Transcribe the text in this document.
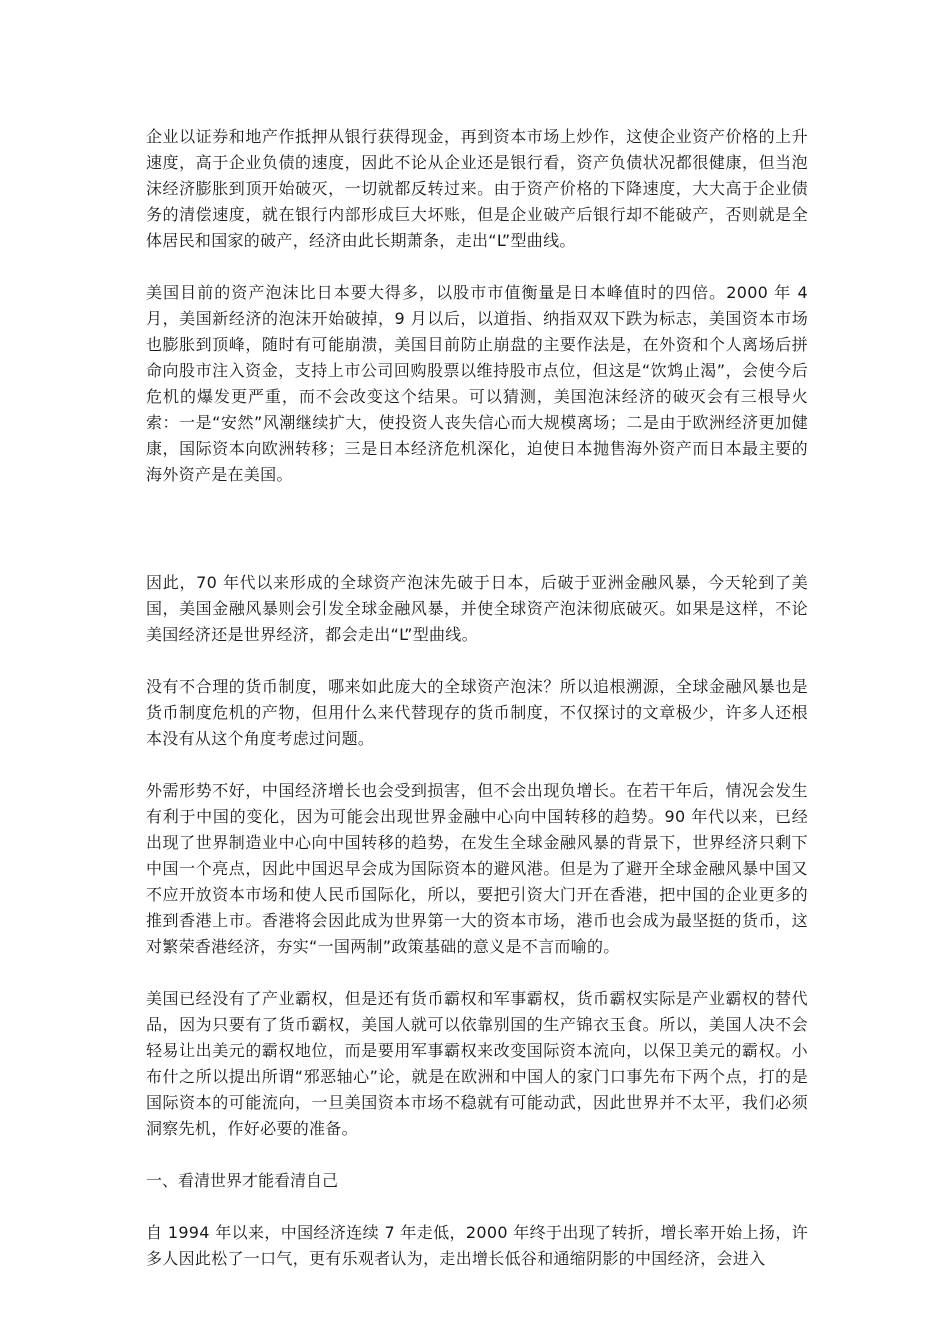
企业以证券和地产作抵押从银行获得现金，再到资本市场上炒作，这使企业资产价格的上升速度，高于企业负债的速度，因此不论从企业还是银行看，资产负债状况都很健康，但当泡沫经济膨胀到顶开始破灭，一切就都反转过来。由于资产价格的下降速度，大大高于企业债务的清偿速度，就在银行内部形成巨大坏账，但是企业破产后银行却不能破产，否则就是全体居民和国家的破产，经济由此长期萧条，走出“L”型曲线。

美国目前的资产泡沫比日本要大得多，以股市市值衡量是日本峰值时的四倍。2000 年 4 月，美国新经济的泡沫开始破掉，9 月以后，以道指、纳指双双下跌为标志，美国资本市场也膨胀到顶峰，随时有可能崩溃，美国目前防止崩盘的主要作法是，在外资和个人离场后拼命向股市注入资金，支持上市公司回购股票以维持股市点位，但这是“饮鸩止渴”，会使今后危机的爆发更严重，而不会改变这个结果。可以猜测，美国泡沫经济的破灭会有三根导火索：一是“安然”风潮继续扩大，使投资人丧失信心而大规模离场；二是由于欧洲经济更加健康，国际资本向欧洲转移；三是日本经济危机深化，迫使日本抛售海外资产而日本最主要的海外资产是在美国。

因此，70 年代以来形成的全球资产泡沫先破于日本，后破于亚洲金融风暴，今天轮到了美国，美国金融风暴则会引发全球金融风暴，并使全球资产泡沫彻底破灭。如果是这样，不论美国经济还是世界经济，都会走出“L”型曲线。

没有不合理的货币制度，哪来如此庞大的全球资产泡沫？所以追根溯源，全球金融风暴也是货币制度危机的产物，但用什么来代替现存的货币制度，不仅探讨的文章极少，许多人还根本没有从这个角度考虑过问题。

外需形势不好，中国经济增长也会受到损害，但不会出现负增长。在若干年后，情况会发生有利于中国的变化，因为可能会出现世界金融中心向中国转移的趋势。90 年代以来，已经出现了世界制造业中心向中国转移的趋势，在发生全球金融风暴的背景下，世界经济只剩下中国一个亮点，因此中国迟早会成为国际资本的避风港。但是为了避开全球金融风暴中国又不应开放资本市场和使人民币国际化，所以，要把引资大门开在香港，把中国的企业更多的推到香港上市。香港将会因此成为世界第一大的资本市场，港币也会成为最坚挺的货币，这对繁荣香港经济，夯实“一国两制”政策基础的意义是不言而喻的。

美国已经没有了产业霸权，但是还有货币霸权和军事霸权，货币霸权实际是产业霸权的替代品，因为只要有了货币霸权，美国人就可以依靠别国的生产锦衣玉食。所以，美国人决不会轻易让出美元的霸权地位，而是要用军事霸权来改变国际资本流向，以保卫美元的霸权。小布什之所以提出所谓“邪恶轴心”论，就是在欧洲和中国人的家门口事先布下两个点，打的是国际资本的可能流向，一旦美国资本市场不稳就有可能动武，因此世界并不太平，我们必须洞察先机，作好必要的准备。

一、看清世界才能看清自己

自 1994 年以来，中国经济连续 7 年走低，2000 年终于出现了转折，增长率开始上扬，许多人因此松了一口气，更有乐观者认为，走出增长低谷和通缩阴影的中国经济，会进入
